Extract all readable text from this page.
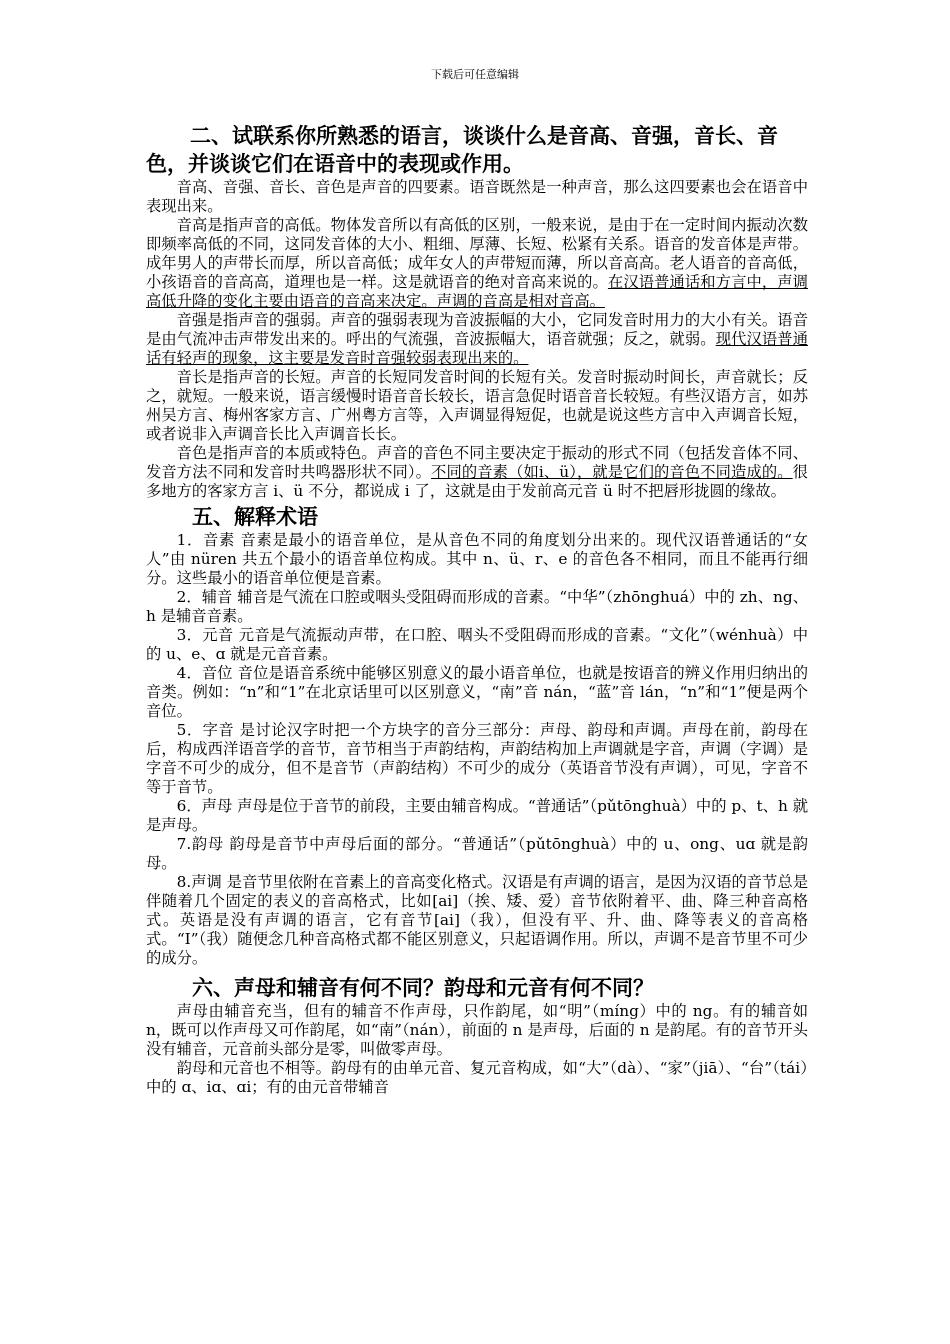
下载后可任意编辑
二、试联系你所熟悉的语言，谈谈什么是音高、音强，音长、音色，并谈谈它们在语音中的表现或作用。

音高、音强、音长、音色是声音的四要素。语音既然是一种声音，那么这四要素也会在语音中表现出来。

音高是指声音的高低。物体发音所以有高低的区别，一般来说，是由于在一定时间内振动次数即频率高低的不同，这同发音体的大小、粗细、厚薄、长短、松紧有关系。语音的发音体是声带。成年男人的声带长而厚，所以音高低；成年女人的声带短而薄，所以音高高。老人语音的音高低，小孩语音的音高高，道理也是一样。这是就语音的绝对音高来说的。在汉语普通话和方言中，声调高低升降的变化主要由语音的音高来决定。声调的音高是相对音高。

音强是指声音的强弱。声音的强弱表现为音波振幅的大小，它同发音时用力的大小有关。语音是由气流冲击声带发出来的。呼出的气流强，音波振幅大，语音就强；反之，就弱。现代汉语普通话有轻声的现象，这主要是发音时音强较弱表现出来的。

音长是指声音的长短。声音的长短同发音时间的长短有关。发音时振动时间长，声音就长；反之，就短。一般来说，语言缓慢时语音音长较长，语言急促时语音音长较短。有些汉语方言，如苏州吴方言、梅州客家方言、广州粤方言等，入声调显得短促，也就是说这些方言中入声调音长短，或者说非入声调音长比入声调音长长。

音色是指声音的本质或特色。声音的音色不同主要决定于振动的形式不同（包括发音体不同、发音方法不同和发音时共鸣器形状不同）。不同的音素（如i、ü），就是它们的音色不同造成的。很多地方的客家方言 i、ü 不分，都说成 i 了，这就是由于发前高元音 ü 时不把唇形拢圆的缘故。

五、解释术语

1．音素 音素是最小的语音单位，是从音色不同的角度划分出来的。现代汉语普通话的“女人”由 nüren 共五个最小的语音单位构成。其中 n、ü、r、e 的音色各不相同，而且不能再行细分。这些最小的语音单位便是音素。

2．辅音 辅音是气流在口腔或咽头受阻碍而形成的音素。“中华”（zhōnghuá）中的 zh、ng、h 是辅音音素。

3．元音 元音是气流振动声带，在口腔、咽头不受阻碍而形成的音素。“文化”（wénhuà）中的 u、e、ɑ 就是元音音素。

4．音位 音位是语音系统中能够区别意义的最小语音单位，也就是按语音的辨义作用归纳出的音类。例如：“n”和“1”在北京话里可以区别意义，“南”音 nán，“蓝”音 lán，“n”和“1”便是两个音位。

5．字音 是讨论汉字时把一个方块字的音分三部分：声母、韵母和声调。声母在前，韵母在后，构成西洋语音学的音节，音节相当于声韵结构，声韵结构加上声调就是字音，声调（字调）是字音不可少的成分，但不是音节（声韵结构）不可少的成分（英语音节没有声调），可见，字音不等于音节。

6．声母 声母是位于音节的前段，主要由辅音构成。“普通话”（pǔtōnghuà）中的 p、t、h 就是声母。

7.韵母 韵母是音节中声母后面的部分。“普通话”（pǔtōnghuà）中的 u、ong、uɑ 就是韵母。

8.声调 是音节里依附在音素上的音高变化格式。汉语是有声调的语言，是因为汉语的音节总是伴随着几个固定的表义的音高格式，比如[ai]（挨、矮、爱）音节依附着平、曲、降三种音高格式。英语是没有声调的语言，它有音节[ai]（我），但没有平、升、曲、降等表义的音高格式。“I”（我）随便念几种音高格式都不能区别意义，只起语调作用。所以，声调不是音节里不可少的成分。

六、声母和辅音有何不同？韵母和元音有何不同？

声母由辅音充当，但有的辅音不作声母，只作韵尾，如“明”（míng）中的 ng。有的辅音如 n，既可以作声母又可作韵尾，如“南”（nán），前面的 n 是声母，后面的 n 是韵尾。有的音节开头没有辅音，元音前头部分是零，叫做零声母。

韵母和元音也不相等。韵母有的由单元音、复元音构成，如“大”（dà）、“家”（jiā）、“台”（tái）中的 ɑ、iɑ、ɑi；有的由元音带辅音
